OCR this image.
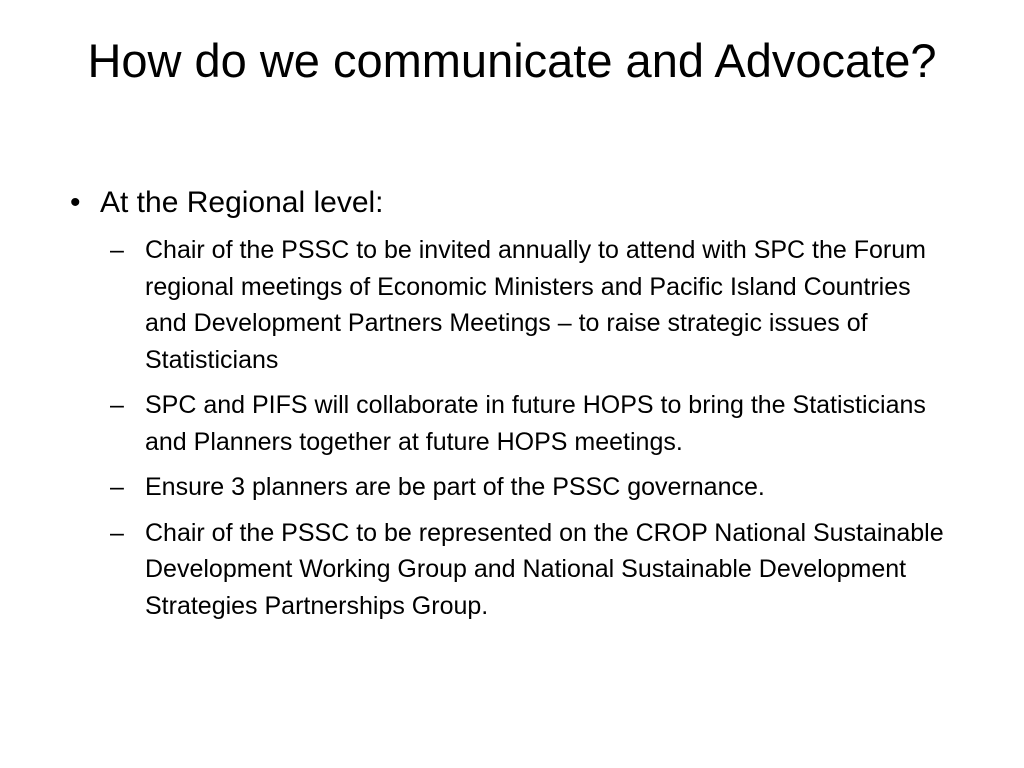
How do we communicate and Advocate?
• At the Regional level:
– Chair of the PSSC to be invited annually to attend with SPC the Forum regional meetings of Economic Ministers and Pacific Island Countries and Development Partners Meetings – to raise strategic issues of Statisticians
– SPC and PIFS will collaborate in future HOPS to bring the Statisticians and Planners together at future HOPS meetings.
– Ensure 3 planners are be part of the PSSC governance.
– Chair of the PSSC to be represented on the CROP National Sustainable Development Working Group and National Sustainable Development Strategies Partnerships Group.
